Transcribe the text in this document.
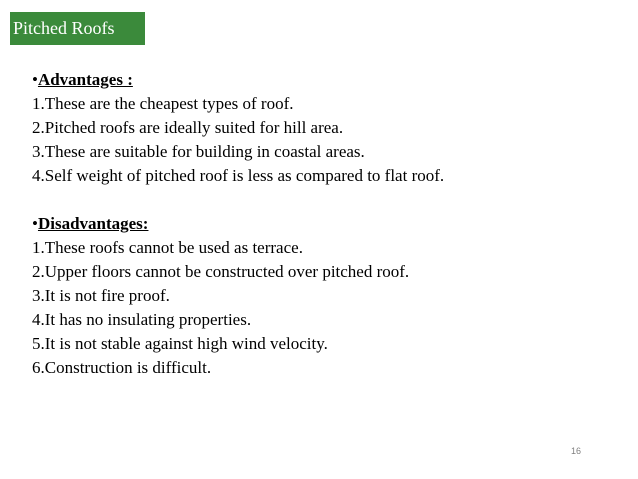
Pitched Roofs

•Advantages :

1.These are the cheapest types of roof.
2.Pitched roofs are ideally suited for hill area.
3.These are suitable for building in coastal areas.
4.Self weight of pitched roof is less as compared to flat roof.

•Disadvantages:

1.These roofs cannot be used as terrace.
2.Upper floors cannot be constructed over pitched roof.
3.It is not fire proof.
4.It has no insulating properties.
5.It is not stable against high wind velocity.
6.Construction is difficult.
16
